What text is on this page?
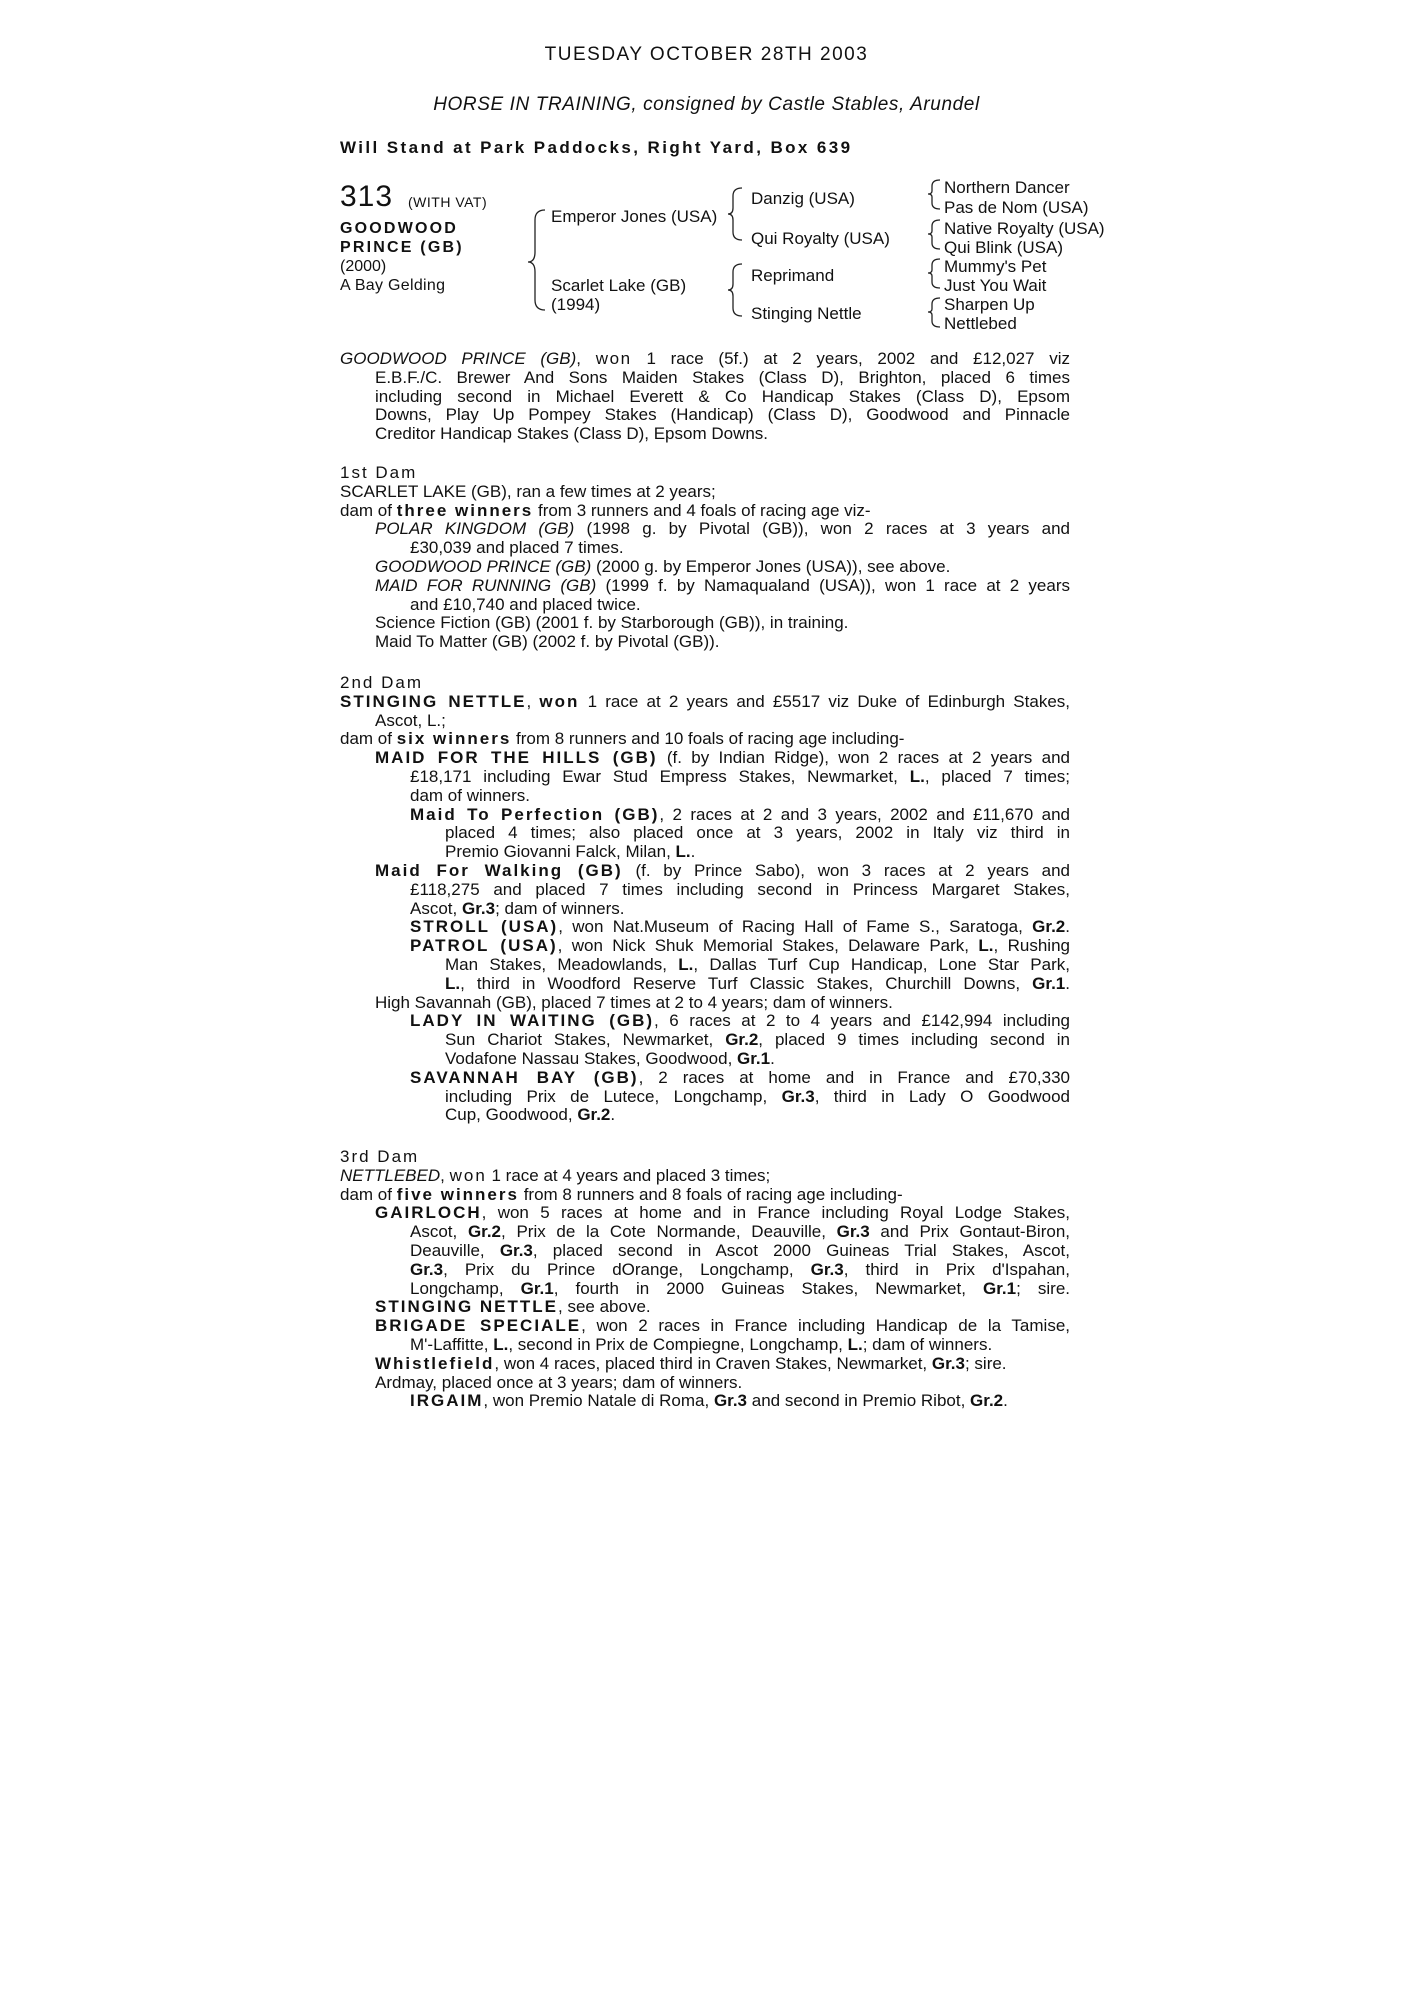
TUESDAY OCTOBER 28TH 2003
HORSE IN TRAINING, consigned by Castle Stables, Arundel
Will Stand at Park Paddocks, Right Yard, Box 639
313 (WITH VAT)
GOODWOOD
PRINCE (GB)
(2000)
A Bay Gelding
Emperor Jones (USA)
Scarlet Lake (GB)
(1994)
Danzig (USA)
Qui Royalty (USA)
Reprimand
Stinging Nettle
Northern Dancer
Pas de Nom (USA)
Native Royalty (USA)
Qui Blink (USA)
Mummy's Pet
Just You Wait
Sharpen Up
Nettlebed
GOODWOOD PRINCE (GB), won 1 race (5f.) at 2 years, 2002 and £12,027 viz
E.B.F./C. Brewer And Sons Maiden Stakes (Class D), Brighton, placed 6 times
including second in Michael Everett & Co Handicap Stakes (Class D), Epsom
Downs, Play Up Pompey Stakes (Handicap) (Class D), Goodwood and Pinnacle
Creditor Handicap Stakes (Class D), Epsom Downs.
1st Dam
SCARLET LAKE (GB), ran a few times at 2 years;
dam of three winners from 3 runners and 4 foals of racing age viz-
POLAR KINGDOM (GB) (1998 g. by Pivotal (GB)), won 2 races at 3 years and
£30,039 and placed 7 times.
GOODWOOD PRINCE (GB) (2000 g. by Emperor Jones (USA)), see above.
MAID FOR RUNNING (GB) (1999 f. by Namaqualand (USA)), won 1 race at 2 years
and £10,740 and placed twice.
Science Fiction (GB) (2001 f. by Starborough (GB)), in training.
Maid To Matter (GB) (2002 f. by Pivotal (GB)).
2nd Dam
STINGING NETTLE, won 1 race at 2 years and £5517 viz Duke of Edinburgh Stakes,
Ascot, L.;
dam of six winners from 8 runners and 10 foals of racing age including-
MAID FOR THE HILLS (GB) (f. by Indian Ridge), won 2 races at 2 years and
£18,171 including Ewar Stud Empress Stakes, Newmarket, L., placed 7 times;
dam of winners.
Maid To Perfection (GB), 2 races at 2 and 3 years, 2002 and £11,670 and
placed 4 times; also placed once at 3 years, 2002 in Italy viz third in
Premio Giovanni Falck, Milan, L..
Maid For Walking (GB) (f. by Prince Sabo), won 3 races at 2 years and
£118,275 and placed 7 times including second in Princess Margaret Stakes,
Ascot, Gr.3; dam of winners.
STROLL (USA), won Nat.Museum of Racing Hall of Fame S., Saratoga, Gr.2.
PATROL (USA), won Nick Shuk Memorial Stakes, Delaware Park, L., Rushing
Man Stakes, Meadowlands, L., Dallas Turf Cup Handicap, Lone Star Park,
L., third in Woodford Reserve Turf Classic Stakes, Churchill Downs, Gr.1.
High Savannah (GB), placed 7 times at 2 to 4 years; dam of winners.
LADY IN WAITING (GB), 6 races at 2 to 4 years and £142,994 including
Sun Chariot Stakes, Newmarket, Gr.2, placed 9 times including second in
Vodafone Nassau Stakes, Goodwood, Gr.1.
SAVANNAH BAY (GB), 2 races at home and in France and £70,330
including Prix de Lutece, Longchamp, Gr.3, third in Lady O Goodwood
Cup, Goodwood, Gr.2.
3rd Dam
NETTLEBED, won 1 race at 4 years and placed 3 times;
dam of five winners from 8 runners and 8 foals of racing age including-
GAIRLOCH, won 5 races at home and in France including Royal Lodge Stakes,
Ascot, Gr.2, Prix de la Cote Normande, Deauville, Gr.3 and Prix Gontaut-Biron,
Deauville, Gr.3, placed second in Ascot 2000 Guineas Trial Stakes, Ascot,
Gr.3, Prix du Prince dOrange, Longchamp, Gr.3, third in Prix d'Ispahan,
Longchamp, Gr.1, fourth in 2000 Guineas Stakes, Newmarket, Gr.1; sire.
STINGING NETTLE, see above.
BRIGADE SPECIALE, won 2 races in France including Handicap de la Tamise,
M'-Laffitte, L., second in Prix de Compiegne, Longchamp, L.; dam of winners.
Whistlefield, won 4 races, placed third in Craven Stakes, Newmarket, Gr.3; sire.
Ardmay, placed once at 3 years; dam of winners.
IRGAIM, won Premio Natale di Roma, Gr.3 and second in Premio Ribot, Gr.2.
